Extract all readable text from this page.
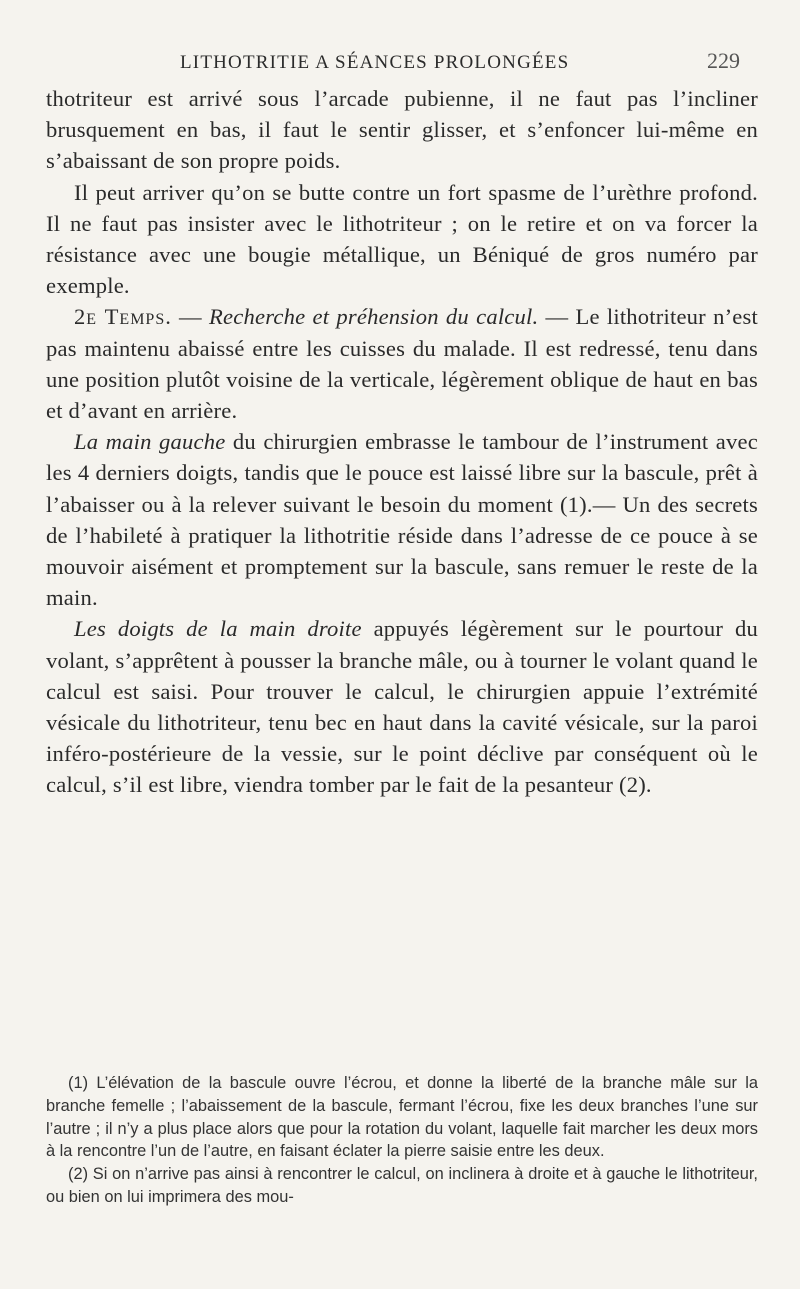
LITHOTRITIE A SÉANCES PROLONGÉES	229

thotriteur est arrivé sous l’arcade pubienne, il ne faut pas l’incliner brusquement en bas, il faut le sentir glisser, et s’enfoncer lui-même en s’abaissant de son propre poids.

Il peut arriver qu’on se butte contre un fort spasme de l’urèthre profond. Il ne faut pas insister avec le lithotriteur ; on le retire et on va forcer la résistance avec une bougie métallique, un Béniqué de gros numéro par exemple.

2e Temps. — Recherche et préhension du calcul. — Le lithotriteur n’est pas maintenu abaissé entre les cuisses du malade. Il est redressé, tenu dans une position plutôt voisine de la verticale, légèrement oblique de haut en bas et d’avant en arrière.

La main gauche du chirurgien embrasse le tambour de l’instrument avec les 4 derniers doigts, tandis que le pouce est laissé libre sur la bascule, prêt à l’abaisser ou à la relever suivant le besoin du moment (1).— Un des secrets de l’habileté à pratiquer la lithotritie réside dans l’adresse de ce pouce à se mouvoir aisément et promptement sur la bascule, sans remuer le reste de la main.

Les doigts de la main droite appuyés légèrement sur le pourtour du volant, s’apprêtent à pousser la branche mâle, ou à tourner le volant quand le calcul est saisi. Pour trouver le calcul, le chirurgien appuie l’extrémité vésicale du lithotriteur, tenu bec en haut dans la cavité vésicale, sur la paroi inféro-postérieure de la vessie, sur le point déclive par conséquent où le calcul, s’il est libre, viendra tomber par le fait de la pesanteur (2).

(1) L’élévation de la bascule ouvre l’écrou, et donne la liberté de la branche mâle sur la branche femelle ; l’abaissement de la bascule, fermant l’écrou, fixe les deux branches l’une sur l’autre ; il n’y a plus place alors que pour la rotation du volant, laquelle fait marcher les deux mors à la rencontre l’un de l’autre, en faisant éclater la pierre saisie entre les deux.

(2) Si on n’arrive pas ainsi à rencontrer le calcul, on inclinera à droite et à gauche le lithotriteur, ou bien on lui imprimera des mou-
